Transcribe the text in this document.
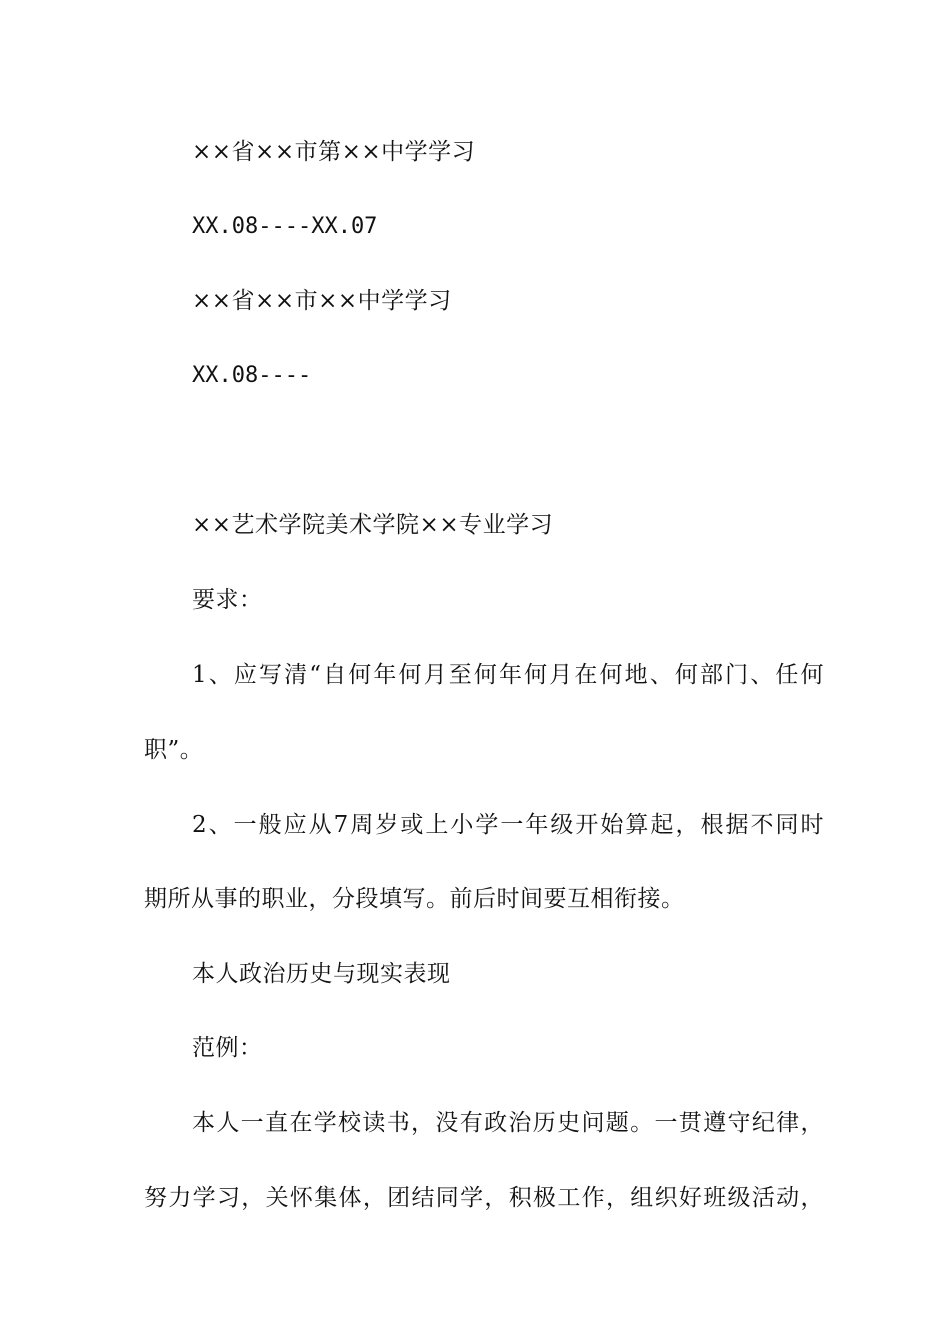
××省××市第××中学学习
XX.08----XX.07
××省××市××中学学习
XX.08----
××艺术学院美术学院××专业学习
要求：
1、应写清“自何年何月至何年何月在何地、何部门、任何
职”。
2、一般应从7周岁或上小学一年级开始算起，根据不同时
期所从事的职业，分段填写。前后时间要互相衔接。
本人政治历史与现实表现
范例：
本人一直在学校读书，没有政治历史问题。一贯遵守纪律，
努力学习，关怀集体，团结同学，积极工作，组织好班级活动，
